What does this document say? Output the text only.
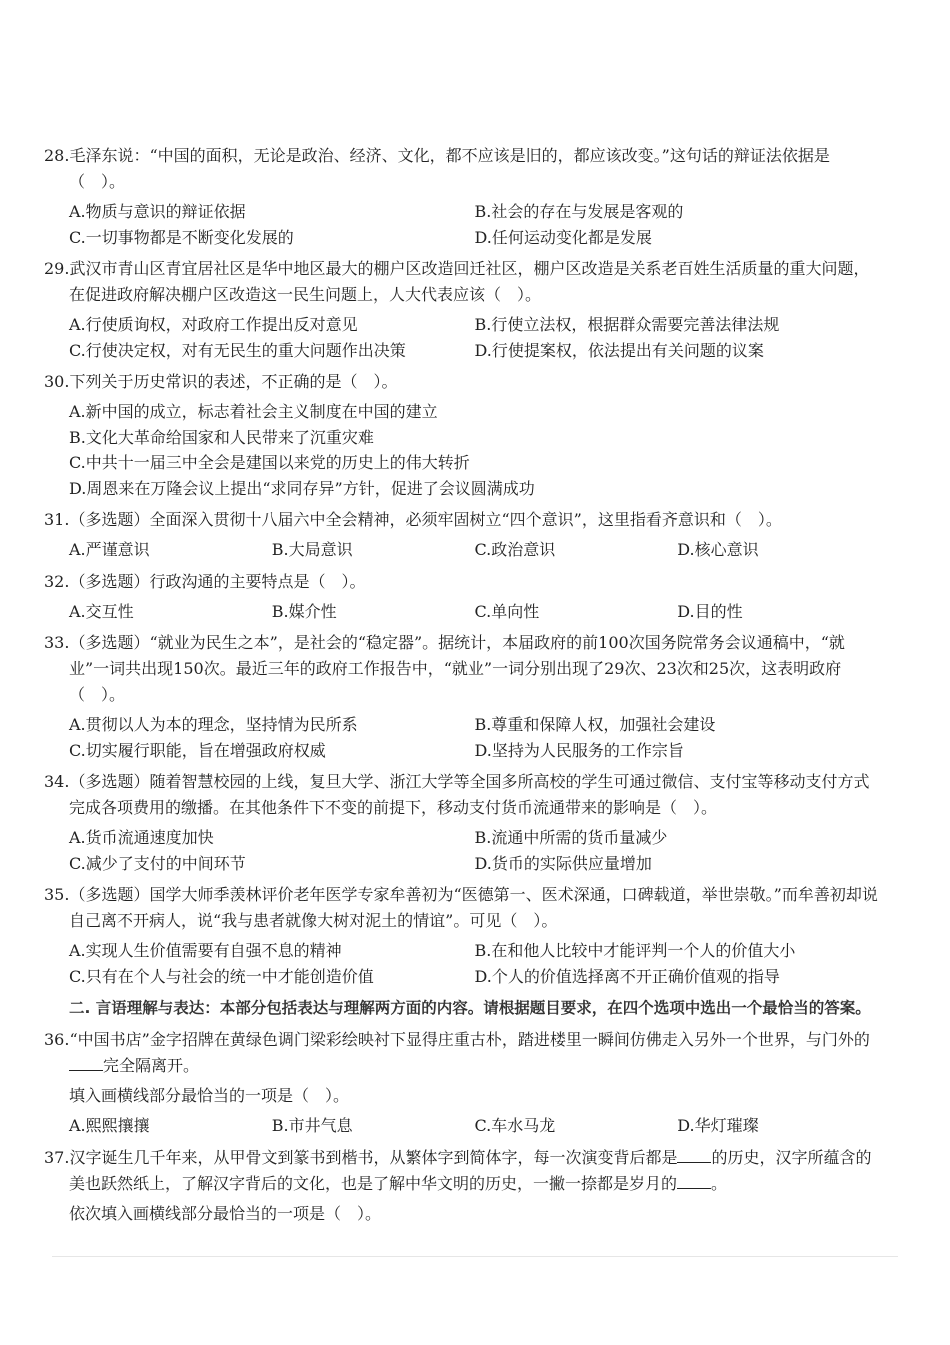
28.毛泽东说：“中国的面积，无论是政治、经济、文化，都不应该是旧的，都应该改变。”这句话的辩证法依据是（　）。
A.物质与意识的辩证依据	B.社会的存在与发展是客观的
C.一切事物都是不断变化发展的	D.任何运动变化都是发展
29.武汉市青山区青宜居社区是华中地区最大的棚户区改造回迁社区，棚户区改造是关系老百姓生活质量的重大问题，在促进政府解决棚户区改造这一民生问题上，人大代表应该（　）。
A.行使质询权，对政府工作提出反对意见	B.行使立法权，根据群众需要完善法律法规
C.行使决定权，对有无民生的重大问题作出决策	D.行使提案权，依法提出有关问题的议案
30.下列关于历史常识的表述，不正确的是（　）。
A.新中国的成立，标志着社会主义制度在中国的建立
B.文化大革命给国家和人民带来了沉重灾难
C.中共十一届三中全会是建国以来党的历史上的伟大转折
D.周恩来在万隆会议上提出“求同存异”方针，促进了会议圆满成功
31.（多选题）全面深入贯彻十八届六中全会精神，必须牢固树立“四个意识”，这里指看齐意识和（　）。
A.严谨意识	B.大局意识	C.政治意识	D.核心意识
32.（多选题）行政沟通的主要特点是（　）。
A.交互性	B.媒介性	C.单向性	D.目的性
33.（多选题）“就业为民生之本”，是社会的“稳定器”。据统计，本届政府的前100次国务院常务会议通稿中，“就业”一词共出现150次。最近三年的政府工作报告中，“就业”一词分别出现了29次、23次和25次，这表明政府（　）。
A.贯彻以人为本的理念，坚持情为民所系	B.尊重和保障人权，加强社会建设
C.切实履行职能，旨在增强政府权威	D.坚持为人民服务的工作宗旨
34.（多选题）随着智慧校园的上线，复旦大学、浙江大学等全国多所高校的学生可通过微信、支付宝等移动支付方式完成各项费用的缴播。在其他条件下不变的前提下，移动支付货币流通带来的影响是（　）。
A.货币流通速度加快	B.流通中所需的货币量减少
C.减少了支付的中间环节	D.货币的实际供应量增加
35.（多选题）国学大师季羡林评价老年医学专家牟善初为“医德第一、医术深通，口碑载道，举世崇敬。”而牟善初却说自己离不开病人，说“我与患者就像大树对泥土的情谊”。可见（　）。
A.实现人生价值需要有自强不息的精神	B.在和他人比较中才能评判一个人的价值大小
C.只有在个人与社会的统一中才能创造价值	D.个人的价值选择离不开正确价值观的指导
二. 言语理解与表达：本部分包括表达与理解两方面的内容。请根据题目要求，在四个选项中选出一个最恰当的答案。
36.“中国书店”金字招牌在黄绿色调门梁彩绘映衬下显得庄重古朴，踏进楼里一瞬间仿佛走入另外一个世界，与门外的完全隔离开。
填入画横线部分最恰当的一项是（　）。
A.熙熙攘攘	B.市井气息	C.车水马龙	D.华灯璀璨
37.汉字诞生几千年来，从甲骨文到篆书到楷书，从繁体字到简体字，每一次演变背后都是 的历史，汉字所蕴含的美也跃然纸上，了解汉字背后的文化，也是了解中华文明的历史，一撇一捺都是岁月的 。
依次填入画横线部分最恰当的一项是（　）。
